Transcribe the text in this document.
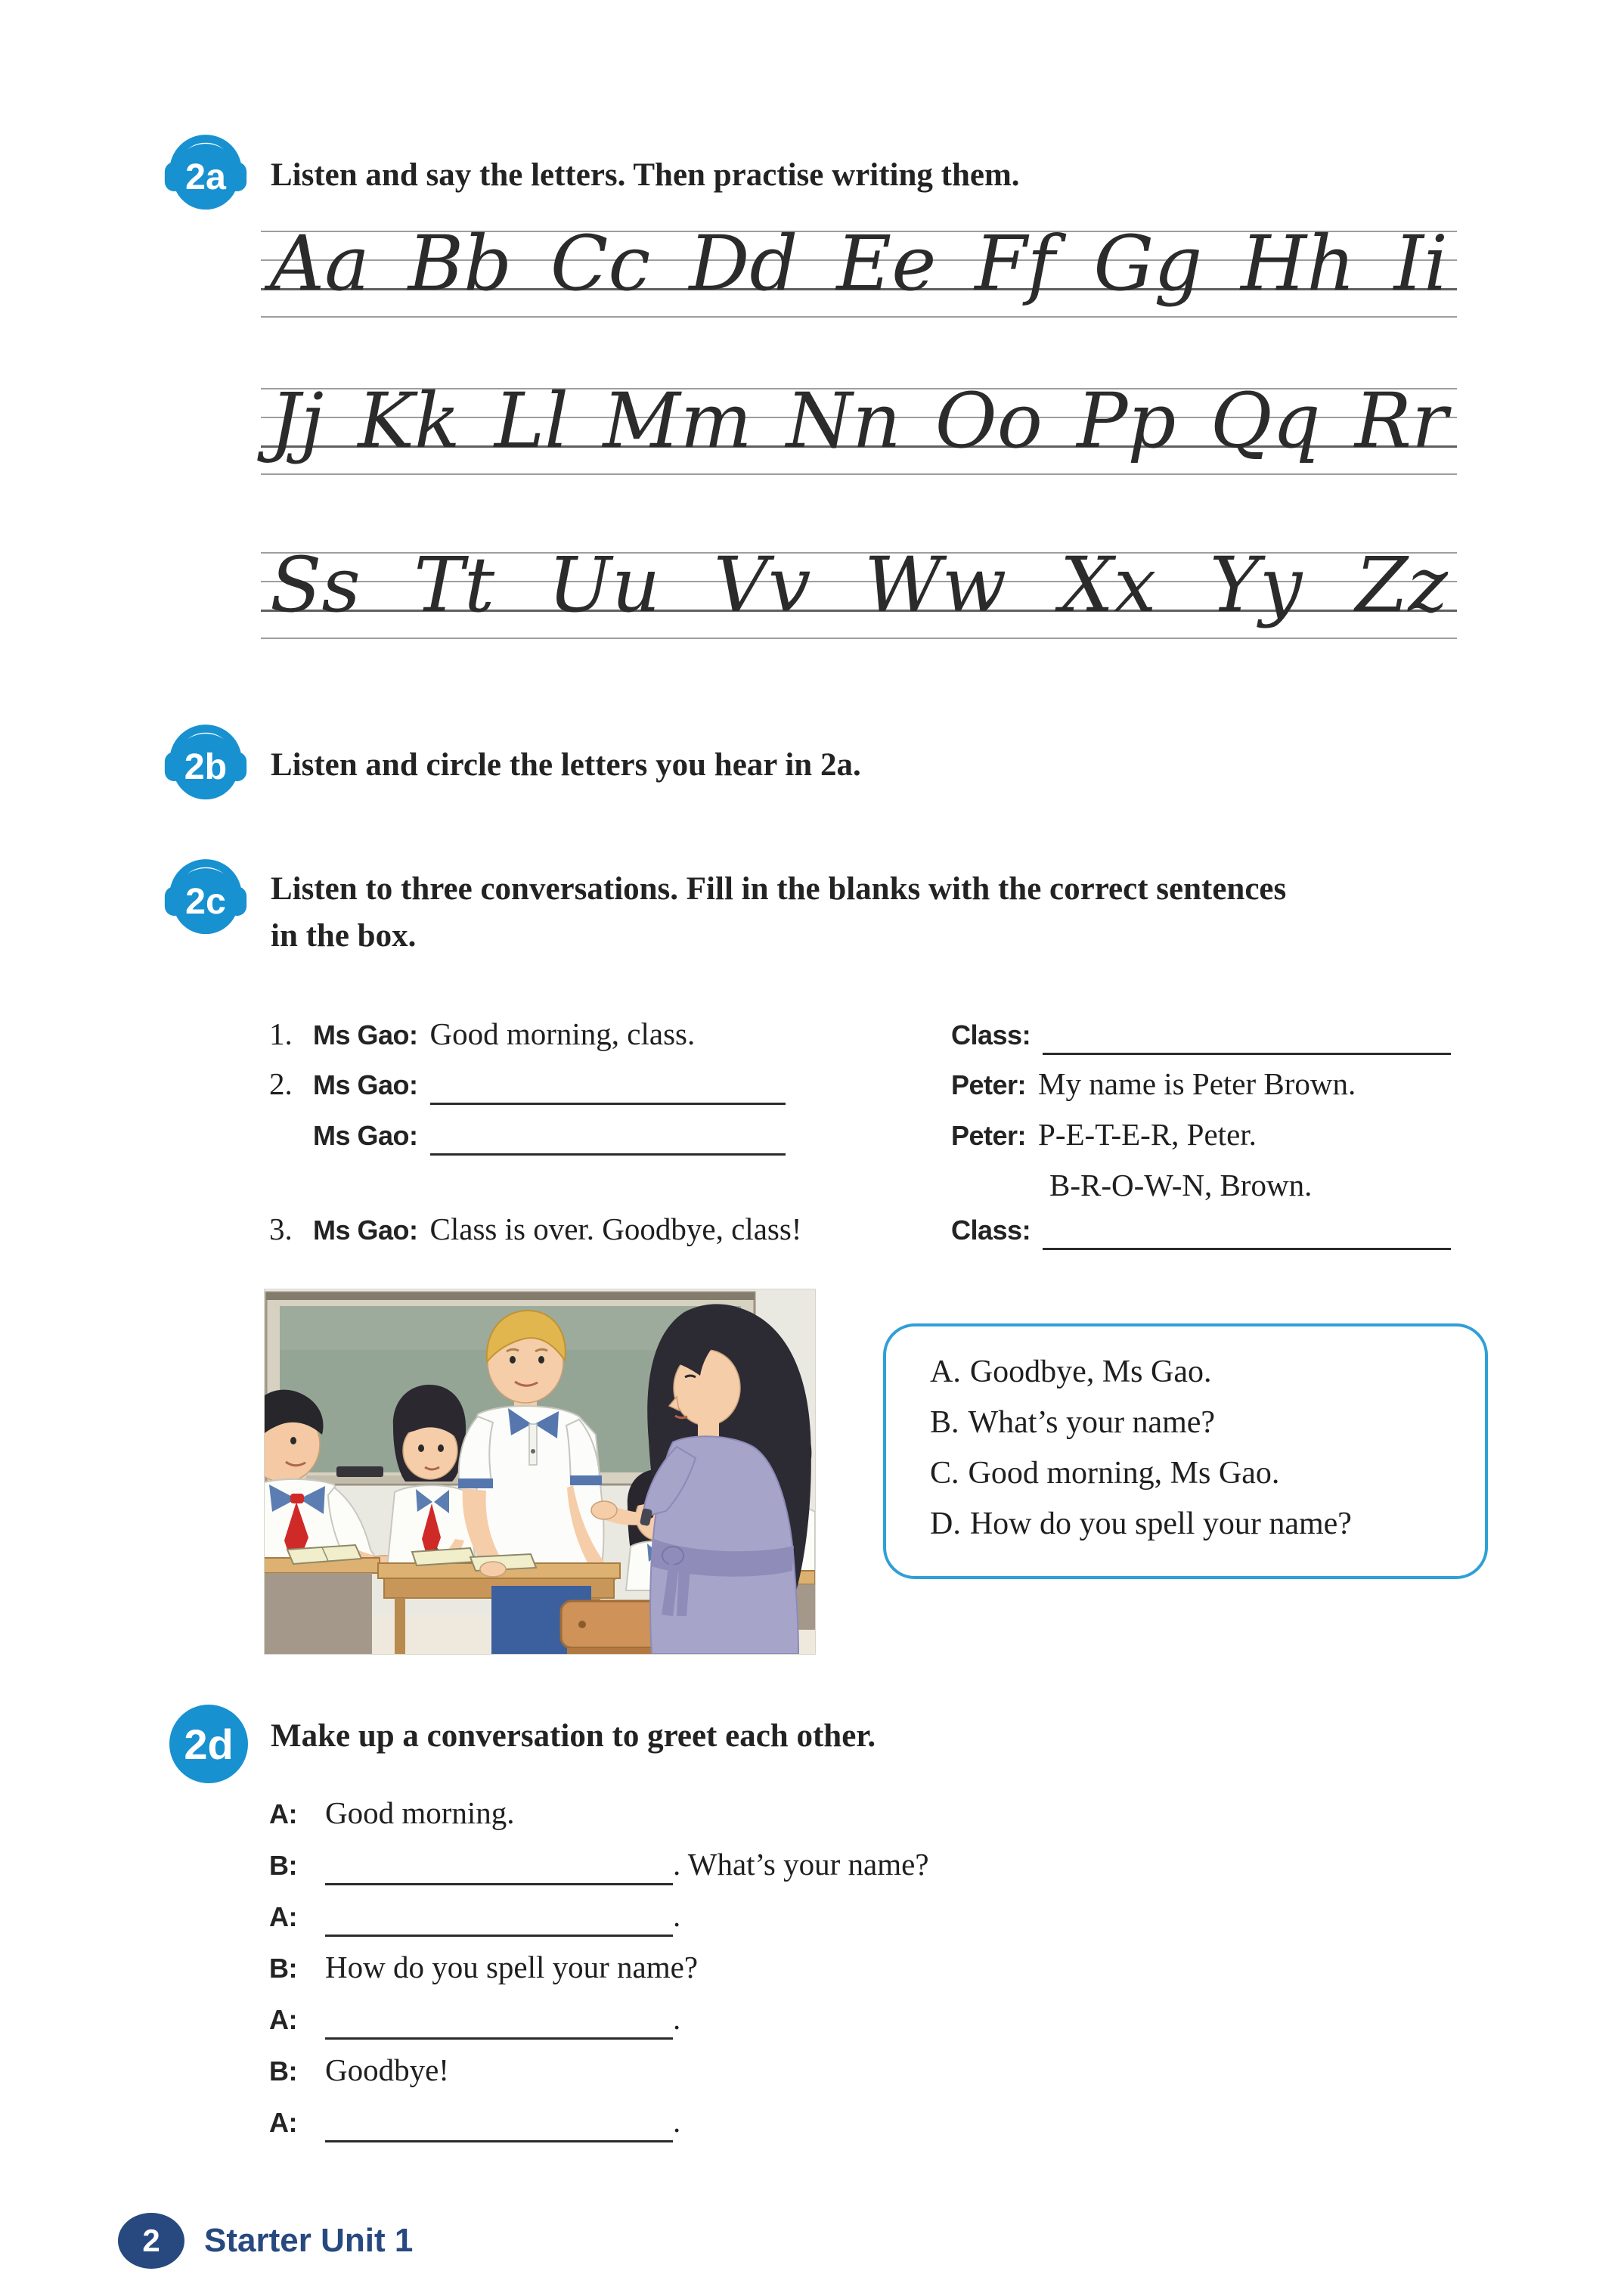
2a Listen and say the letters. Then practise writing them.
Aa Bb Cc Dd Ee Ff Gg Hh Ii
Jj Kk Ll Mm Nn Oo Pp Qq Rr
Ss Tt Uu Vv Ww Xx Yy Zz
2b Listen and circle the letters you hear in 2a.
2c Listen to three conversations. Fill in the blanks with the correct sentences
in the box.
1. Ms Gao: Good morning, class.	Class:
2. Ms Gao:	Peter: My name is Peter Brown.
Ms Gao:	Peter: P-E-T-E-R, Peter.
B-R-O-W-N, Brown.
3. Ms Gao: Class is over. Goodbye, class!	Class:
A. Goodbye, Ms Gao.
B. What’s your name?
C. Good morning, Ms Gao.
D. How do you spell your name?
2d Make up a conversation to greet each other.
A: Good morning.
B:	. What’s your name?
A:	.
B: How do you spell your name?
A:	.
B: Goodbye!
A:	.
2 Starter Unit 1
